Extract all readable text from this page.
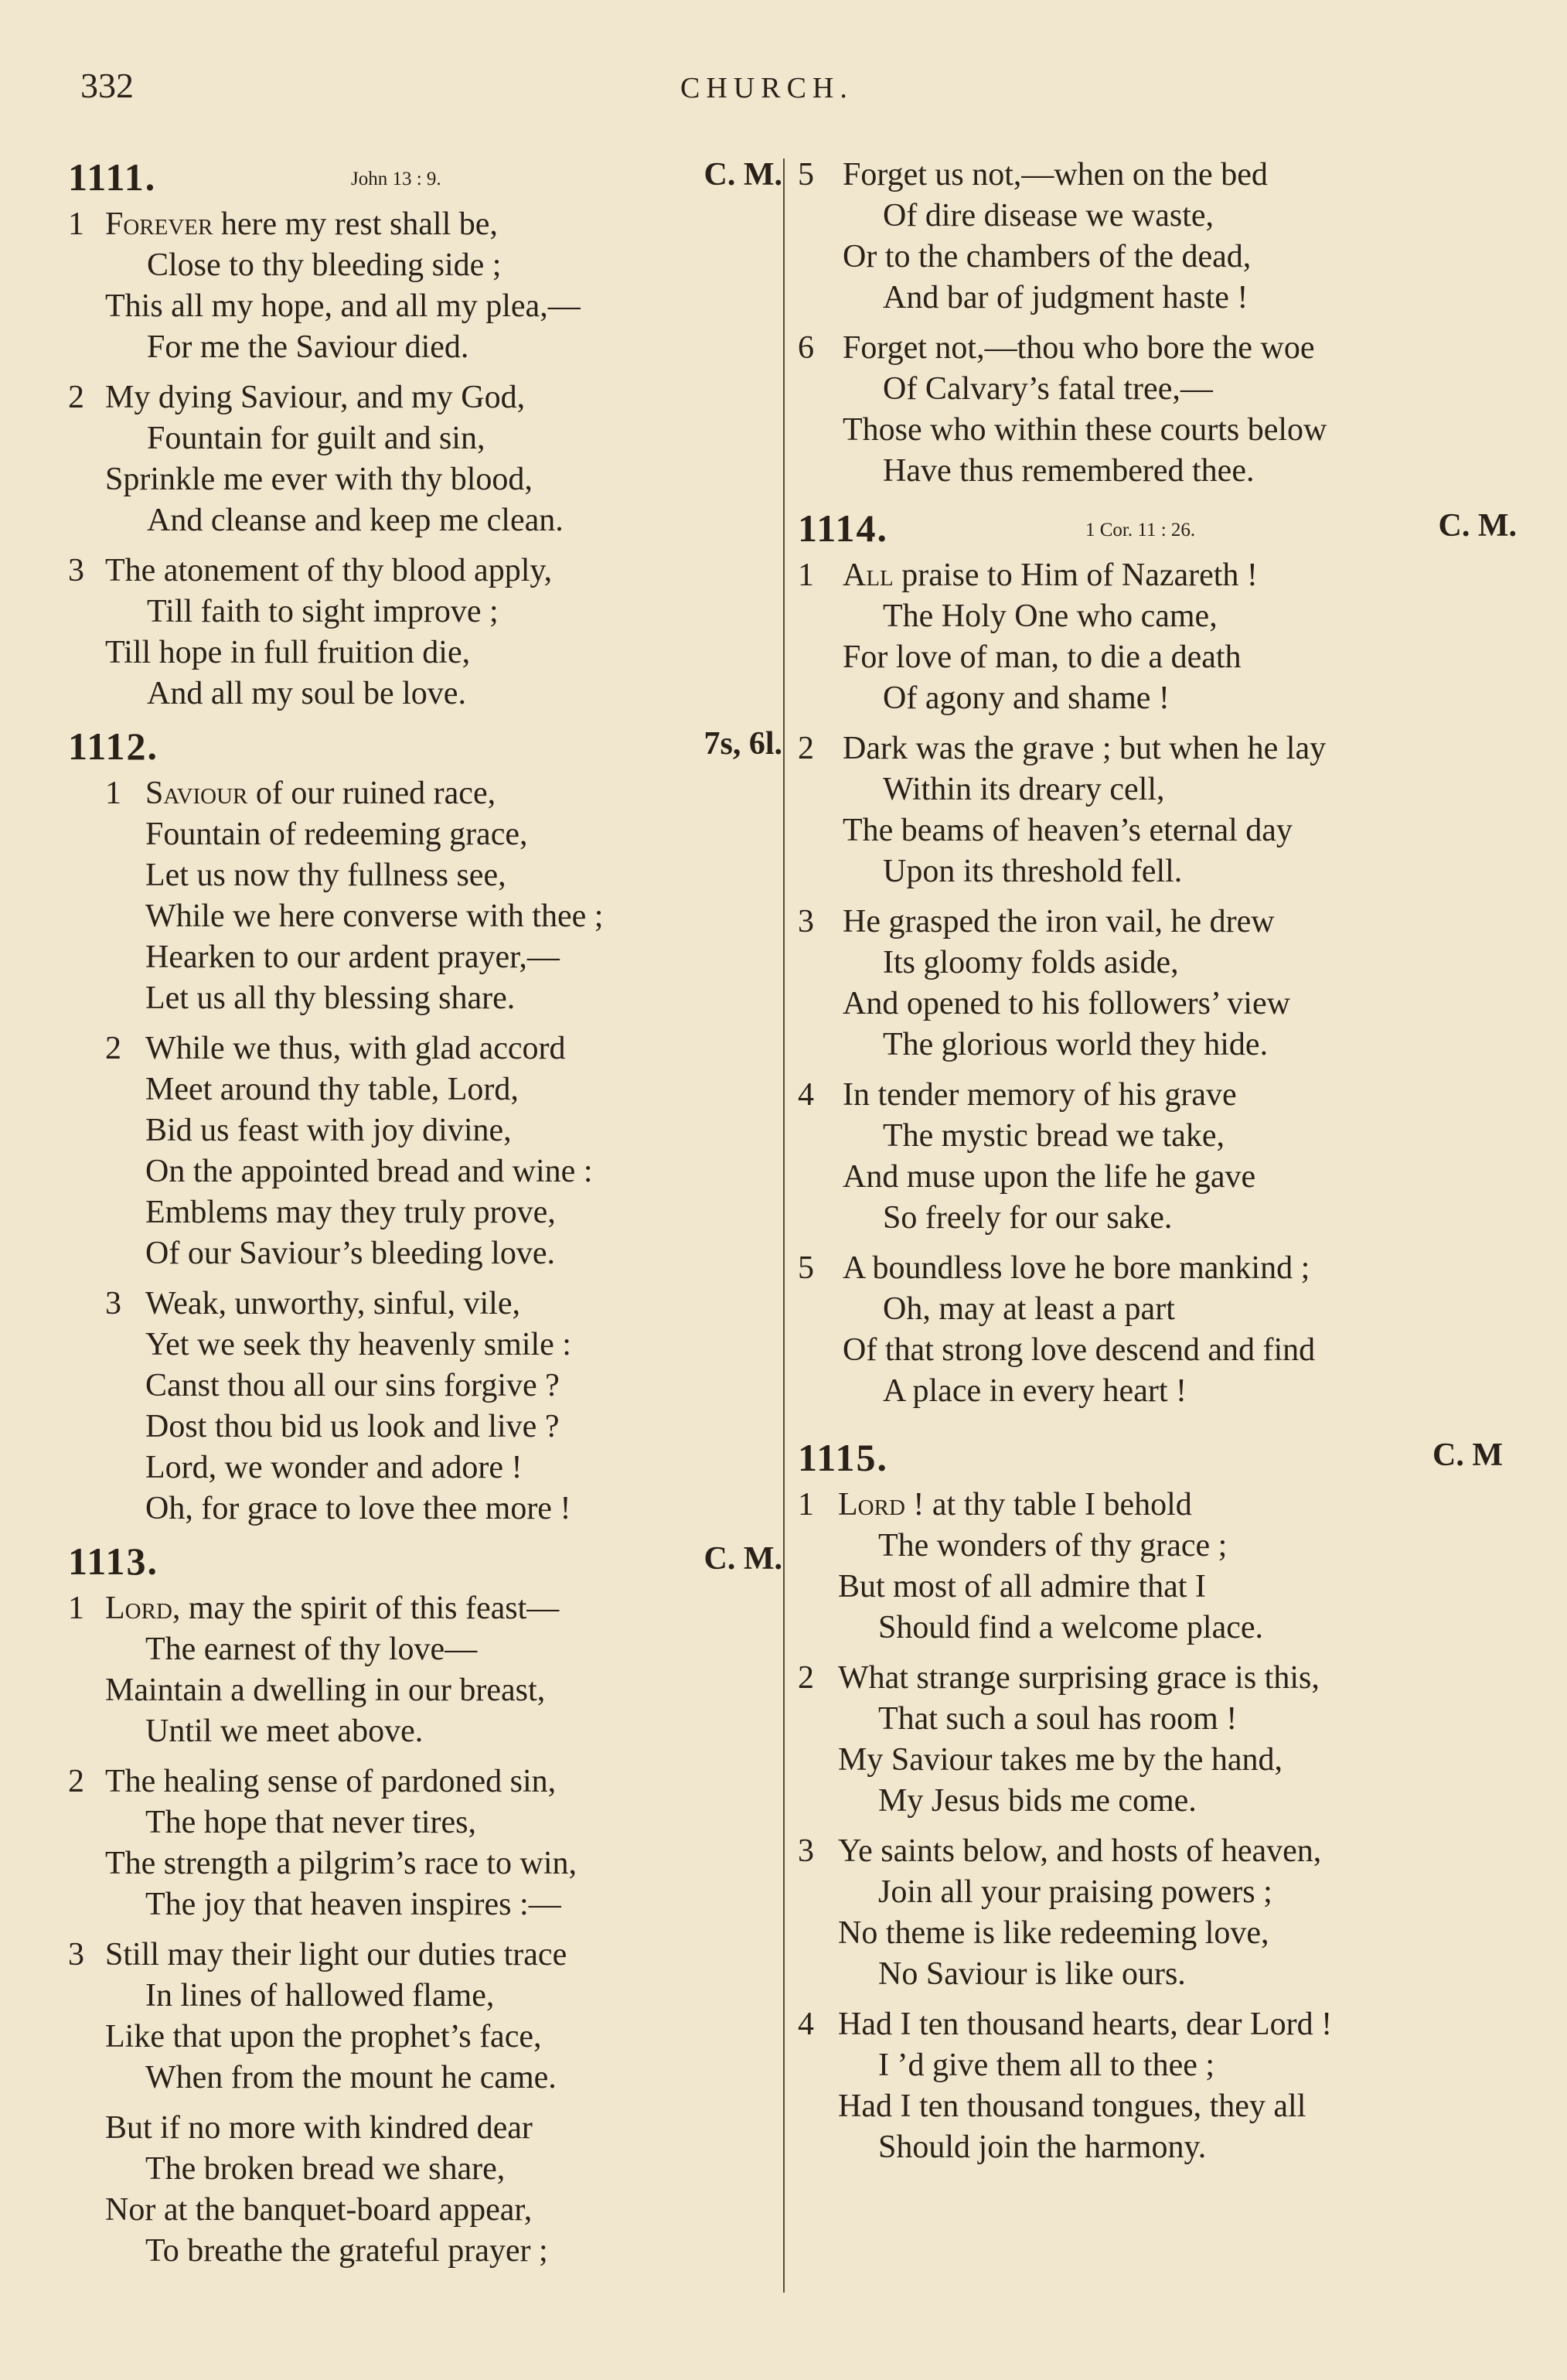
332	CHURCH.
1111.	John 13 : 9.	C. M.
1 Forever here my rest shall be,
Close to thy bleeding side ;
This all my hope, and all my plea,—
For me the Saviour died.
2 My dying Saviour, and my God,
Fountain for guilt and sin,
Sprinkle me ever with thy blood,
And cleanse and keep me clean.
3 The atonement of thy blood apply,
Till faith to sight improve ;
Till hope in full fruition die,
And all my soul be love.
1112.	7s, 6l.
1 Saviour of our ruined race,
Fountain of redeeming grace,
Let us now thy fullness see,
While we here converse with thee ;
Hearken to our ardent prayer,—
Let us all thy blessing share.
2 While we thus, with glad accord
Meet around thy table, Lord,
Bid us feast with joy divine,
On the appointed bread and wine :
Emblems may they truly prove,
Of our Saviour’s bleeding love.
3 Weak, unworthy, sinful, vile,
Yet we seek thy heavenly smile :
Canst thou all our sins forgive ?
Dost thou bid us look and live ?
Lord, we wonder and adore !
Oh, for grace to love thee more !
1113.	C. M.
1 Lord, may the spirit of this feast—
The earnest of thy love—
Maintain a dwelling in our breast,
Until we meet above.
2 The healing sense of pardoned sin,
The hope that never tires,
The strength a pilgrim’s race to win,
The joy that heaven inspires :—
3 Still may their light our duties trace
In lines of hallowed flame,
Like that upon the prophet’s face,
When from the mount he came.
But if no more with kindred dear
The broken bread we share,
Nor at the banquet-board appear,
To breathe the grateful prayer ;
5 Forget us not,—when on the bed
Of dire disease we waste,
Or to the chambers of the dead,
And bar of judgment haste !
6 Forget not,—thou who bore the woe
Of Calvary’s fatal tree,—
Those who within these courts below
Have thus remembered thee.
1114.	1 Cor. 11 : 26.	C. M.
1 All praise to Him of Nazareth !
The Holy One who came,
For love of man, to die a death
Of agony and shame !
2 Dark was the grave ; but when he lay
Within its dreary cell,
The beams of heaven’s eternal day
Upon its threshold fell.
3 He grasped the iron vail, he drew
Its gloomy folds aside,
And opened to his followers’ view
The glorious world they hide.
4 In tender memory of his grave
The mystic bread we take,
And muse upon the life he gave
So freely for our sake.
5 A boundless love he bore mankind ;
Oh, may at least a part
Of that strong love descend and find
A place in every heart !
1115.	C. M
1 Lord ! at thy table I behold
The wonders of thy grace ;
But most of all admire that I
Should find a welcome place.
2 What strange surprising grace is this,
That such a soul has room !
My Saviour takes me by the hand,
My Jesus bids me come.
3 Ye saints below, and hosts of heaven,
Join all your praising powers ;
No theme is like redeeming love,
No Saviour is like ours.
4 Had I ten thousand hearts, dear Lord !
I ’d give them all to thee ;
Had I ten thousand tongues, they all
Should join the harmony.
